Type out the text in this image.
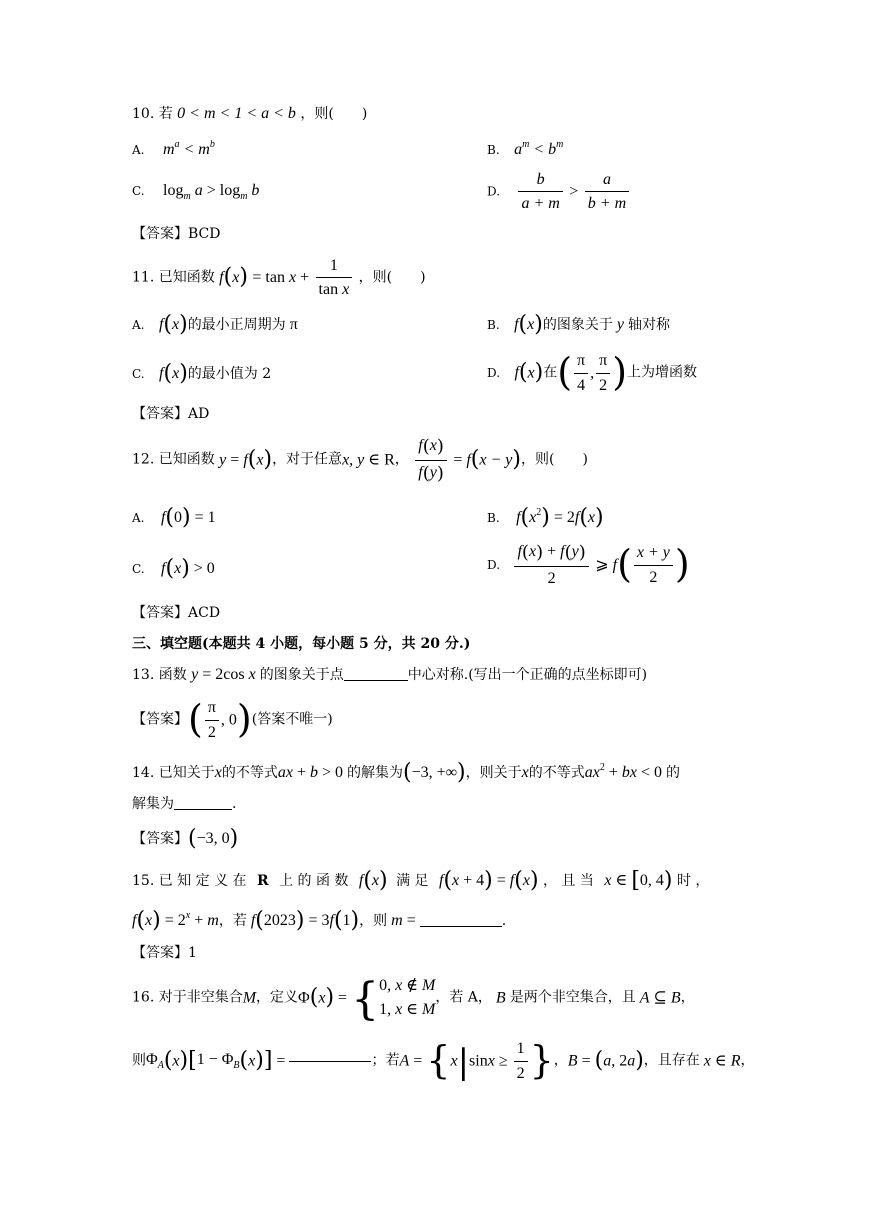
10. 若 0 < m < 1 < a < b ，则(　　)
A. $m^a < m^b$	B. $a^m < b^m$
C. $\log_m a > \log_m b$	D. $\frac{b}{a + m} > \frac{a}{b + m}$
【答案】BCD
11. 已知函数 $f(x) = \tan x + \frac{1}{\text{tan x}}$ ，则(　　)
A. f(x)的最小正周期为 π	B. f(x)的图象关于 y 轴对称
C. f(x)的最小值为 2	D. f(x)在( $\frac{\pi}{4}$ , $\frac{\pi}{2}$ )上为增函数
【答案】AD
12. 已知函数 y = f(x)，对于任意x, y ∈ R， $\frac{f(x)}{f(y)} = f(x - y)$，则(　　)
A. f(0) = 1	B. $f(x^2) = 2f(x)$
C. f(x) > 0	D. $\frac{f(x) + f(y)}{2}$ ⩾ $f( \frac{x + y}{2}$ )
【答案】ACD
三、填空题(本题共 4 小题，每小题 5 分，共 20 分.)
13. 函数 y = 2cos x 的图象关于点	中心对称.(写出一个正确的点坐标即可)
【答案】( $\frac{\pi}{2}$ , 0)(答案不唯一)
14. 已知关于x的不等式ax + b > 0 的解集为(−3, +∞)，则关于x的不等式$ax^2$ + bx < 0 的
解集为	.
【答案】(−3, 0)
15. 已 知 定 义 在 R 上 的 函 数 f(x) 满 足 f(x + 4) = f(x) ， 且 当 x ∈ [0, 4) 时 ，
$f(x) = 2^x + m$，若 f(2023) = 3f(1)，则 m =	.
【答案】1
16. 对于非空集合M，定义Φ(x) = { 0, x ∉ M
1, x ∈ M
，若 A， B 是两个非空集合，且 A ⊆ B，
则$\Phi_A(x)[1 - \Phi_B(x)]$ =	；若$A = \{x|\sin x \ge \frac{1}{2}$ }，B = (a, 2a)，且存在 x ∈ R，
